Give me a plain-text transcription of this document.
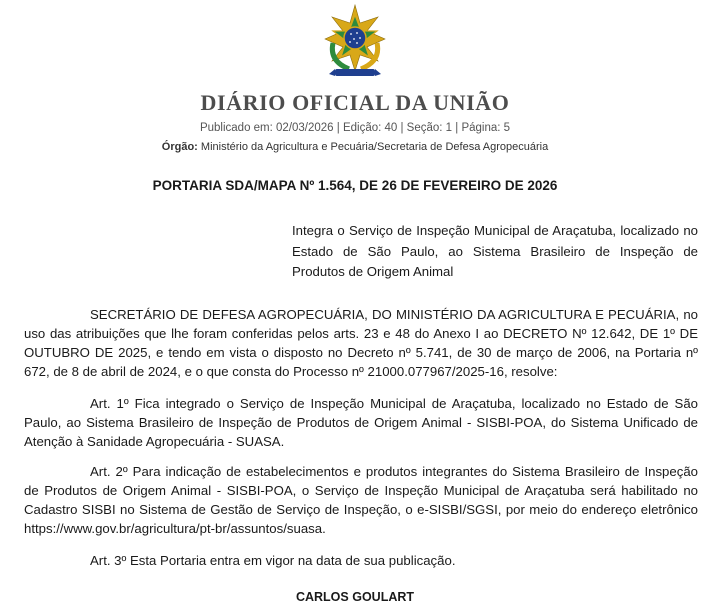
DIÁRIO OFICIAL DA UNIÃO
Publicado em: 02/03/2026 | Edição: 40 | Seção: 1 | Página: 5
Órgão: Ministério da Agricultura e Pecuária/Secretaria de Defesa Agropecuária
PORTARIA SDA/MAPA Nº 1.564, DE 26 DE FEVEREIRO DE 2026
Integra o Serviço de Inspeção Municipal de Araçatuba, localizado no Estado de São Paulo, ao Sistema Brasileiro de Inspeção de Produtos de Origem Animal
SECRETÁRIO DE DEFESA AGROPECUÁRIA, DO MINISTÉRIO DA AGRICULTURA E PECUÁRIA, no uso das atribuições que lhe foram conferidas pelos arts. 23 e 48 do Anexo I ao DECRETO Nº 12.642, DE 1º DE OUTUBRO DE 2025, e tendo em vista o disposto no Decreto nº 5.741, de 30 de março de 2006, na Portaria nº 672, de 8 de abril de 2024, e o que consta do Processo nº 21000.077967/2025-16, resolve:
Art. 1º Fica integrado o Serviço de Inspeção Municipal de Araçatuba, localizado no Estado de São Paulo, ao Sistema Brasileiro de Inspeção de Produtos de Origem Animal - SISBI-POA, do Sistema Unificado de Atenção à Sanidade Agropecuária - SUASA.
Art. 2º Para indicação de estabelecimentos e produtos integrantes do Sistema Brasileiro de Inspeção de Produtos de Origem Animal - SISBI-POA, o Serviço de Inspeção Municipal de Araçatuba será habilitado no Cadastro SISBI no Sistema de Gestão de Serviço de Inspeção, o e-SISBI/SGSI, por meio do endereço eletrônico https://www.gov.br/agricultura/pt-br/assuntos/suasa.
Art. 3º Esta Portaria entra em vigor na data de sua publicação.
CARLOS GOULART
